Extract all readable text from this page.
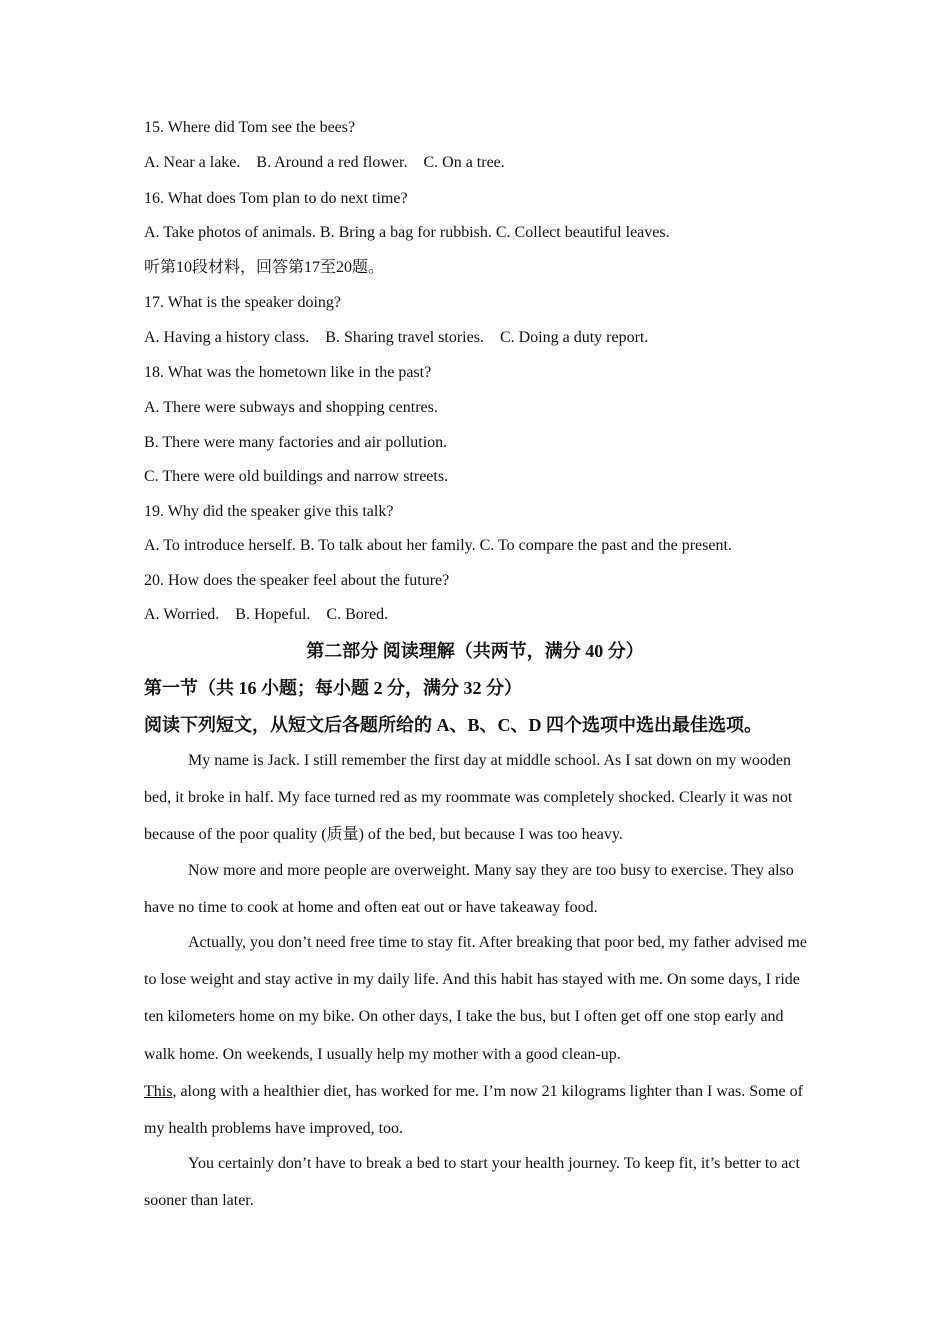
15. Where did Tom see the bees?
A. Near a lake.    B. Around a red flower.    C. On a tree.
16. What does Tom plan to do next time?
A. Take photos of animals. B. Bring a bag for rubbish. C. Collect beautiful leaves.
听第10段材料，回答第17至20题。
17. What is the speaker doing?
A. Having a history class.    B. Sharing travel stories.    C. Doing a duty report.
18. What was the hometown like in the past?
A. There were subways and shopping centres.
B. There were many factories and air pollution.
C. There were old buildings and narrow streets.
19. Why did the speaker give this talk?
A. To introduce herself. B. To talk about her family. C. To compare the past and the present.
20. How does the speaker feel about the future?
A. Worried.    B. Hopeful.    C. Bored.
第二部分 阅读理解（共两节，满分 40 分）
第一节（共 16 小题；每小题 2 分，满分 32 分）
阅读下列短文，从短文后各题所给的 A、B、C、D 四个选项中选出最佳选项。
My name is Jack. I still remember the first day at middle school. As I sat down on my wooden bed, it broke in half. My face turned red as my roommate was completely shocked. Clearly it was not because of the poor quality (质量) of the bed, but because I was too heavy.
Now more and more people are overweight. Many say they are too busy to exercise. They also have no time to cook at home and often eat out or have takeaway food.
Actually, you don’t need free time to stay fit. After breaking that poor bed, my father advised me to lose weight and stay active in my daily life. And this habit has stayed with me. On some days, I ride ten kilometers home on my bike. On other days, I take the bus, but I often get off one stop early and walk home. On weekends, I usually help my mother with a good clean-up.
This, along with a healthier diet, has worked for me. I’m now 21 kilograms lighter than I was. Some of my health problems have improved, too.
You certainly don’t have to break a bed to start your health journey. To keep fit, it’s better to act sooner than later.
